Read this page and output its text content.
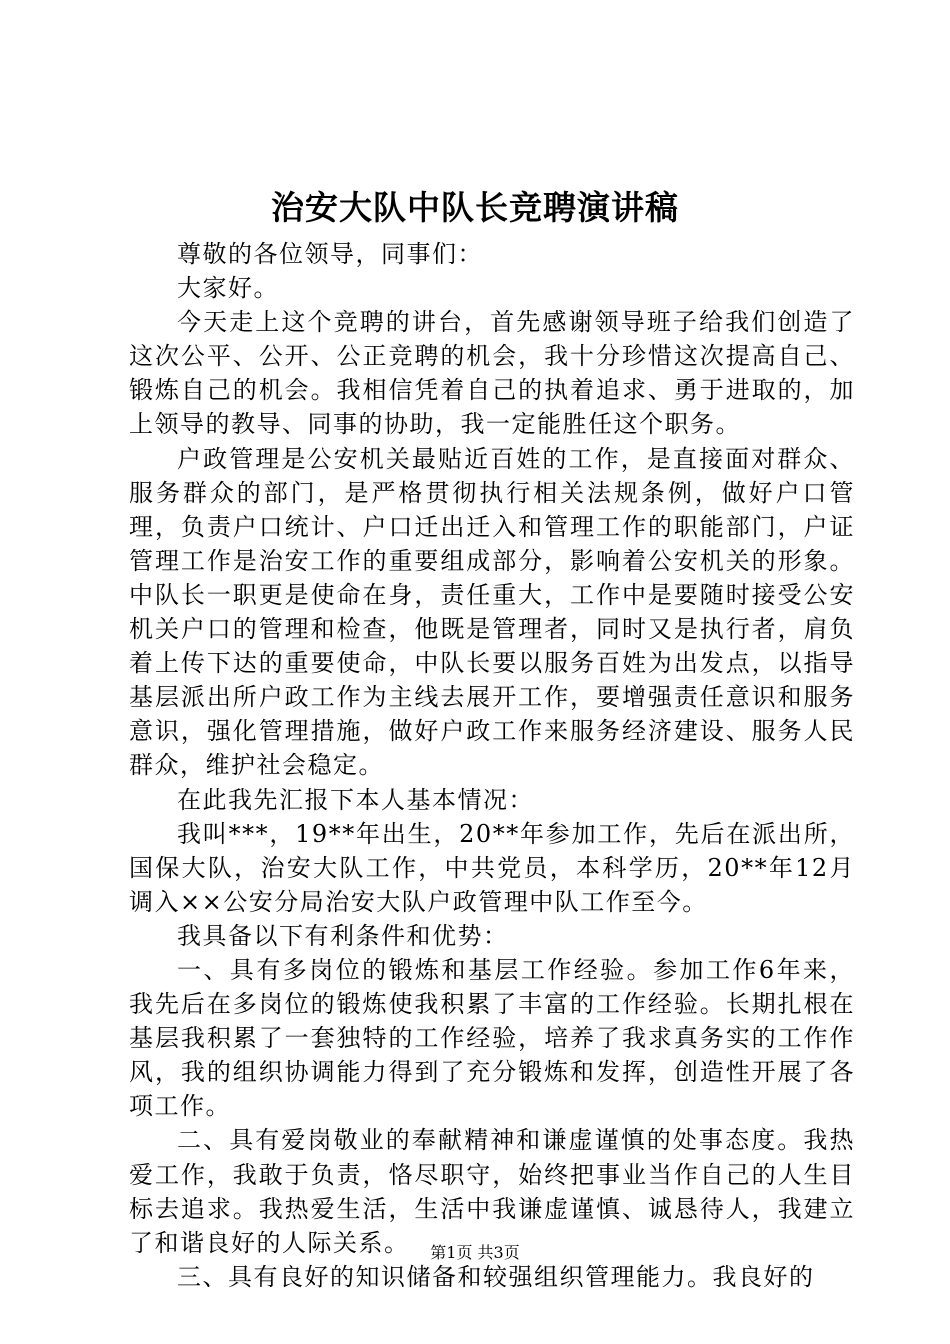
治安大队中队长竞聘演讲稿

尊敬的各位领导，同事们：

大家好。

今天走上这个竞聘的讲台，首先感谢领导班子给我们创造了这次公平、公开、公正竞聘的机会，我十分珍惜这次提高自己、锻炼自己的机会。我相信凭着自己的执着追求、勇于进取的，加上领导的教导、同事的协助，我一定能胜任这个职务。

户政管理是公安机关最贴近百姓的工作，是直接面对群众、服务群众的部门，是严格贯彻执行相关法规条例，做好户口管理，负责户口统计、户口迁出迁入和管理工作的职能部门，户证管理工作是治安工作的重要组成部分，影响着公安机关的形象。中队长一职更是使命在身，责任重大，工作中是要随时接受公安机关户口的管理和检查，他既是管理者，同时又是执行者，肩负着上传下达的重要使命，中队长要以服务百姓为出发点，以指导基层派出所户政工作为主线去展开工作，要增强责任意识和服务意识，强化管理措施，做好户政工作来服务经济建设、服务人民群众，维护社会稳定。

在此我先汇报下本人基本情况：

我叫***，19**年出生，20**年参加工作，先后在派出所，国保大队，治安大队工作，中共党员，本科学历，20**年12月调入××公安分局治安大队户政管理中队工作至今。

我具备以下有利条件和优势：

一、具有多岗位的锻炼和基层工作经验。参加工作6年来，我先后在多岗位的锻炼使我积累了丰富的工作经验。长期扎根在基层我积累了一套独特的工作经验，培养了我求真务实的工作作风，我的组织协调能力得到了充分锻炼和发挥，创造性开展了各项工作。

二、具有爱岗敬业的奉献精神和谦虚谨慎的处事态度。我热爱工作，我敢于负责，恪尽职守，始终把事业当作自己的人生目标去追求。我热爱生活，生活中我谦虚谨慎、诚恳待人，我建立了和谐良好的人际关系。

三、具有良好的知识储备和较强组织管理能力。我良好的

第1页 共3页
